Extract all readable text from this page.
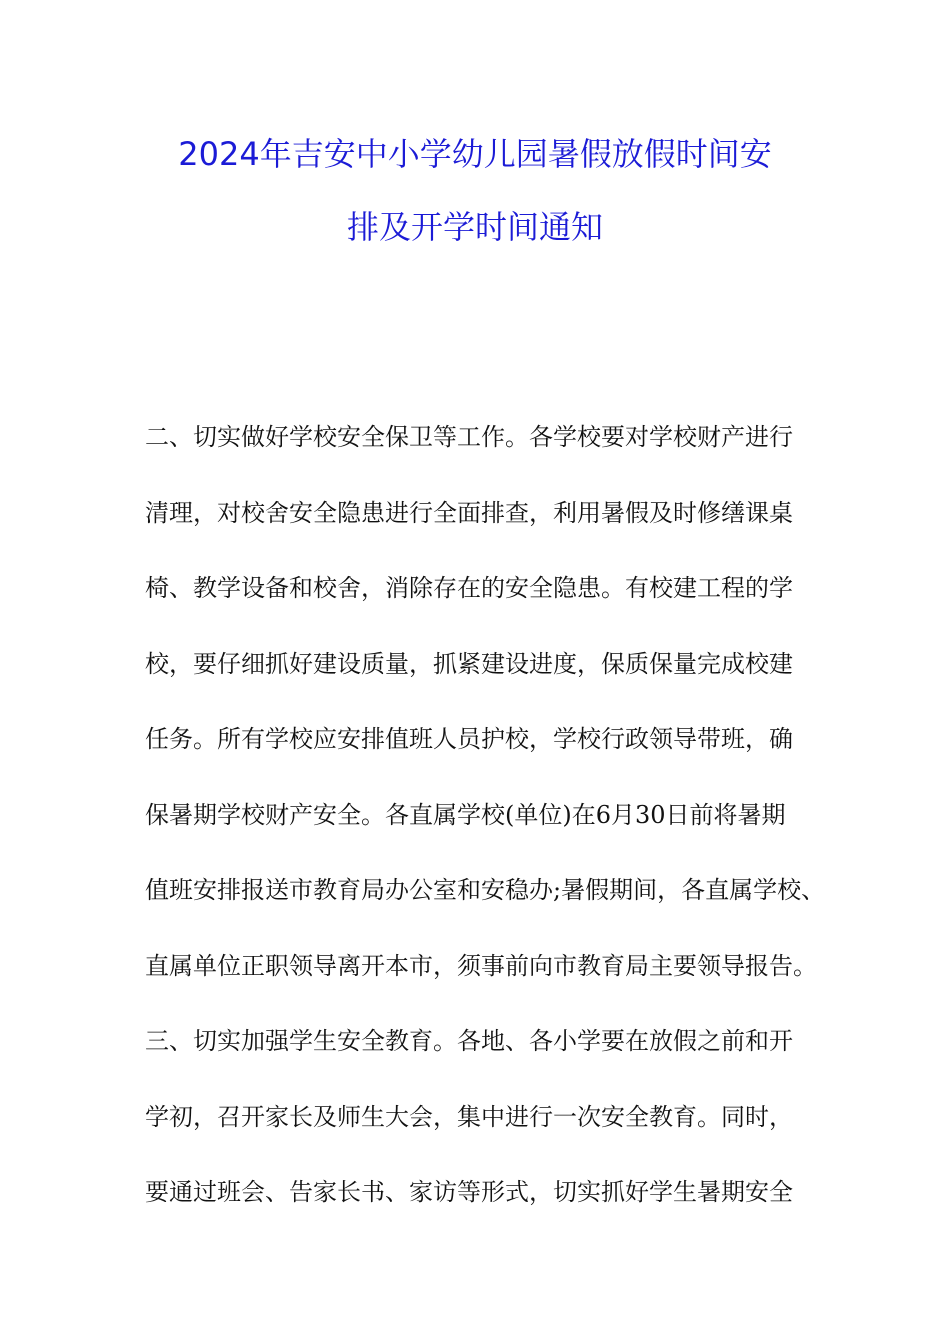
2024年吉安中小学幼儿园暑假放假时间安
排及开学时间通知
二、切实做好学校安全保卫等工作。各学校要对学校财产进行
清理，对校舍安全隐患进行全面排查，利用暑假及时修缮课桌
椅、教学设备和校舍，消除存在的安全隐患。有校建工程的学
校，要仔细抓好建设质量，抓紧建设进度，保质保量完成校建
任务。所有学校应安排值班人员护校，学校行政领导带班，确
保暑期学校财产安全。各直属学校(单位)在6月30日前将暑期
值班安排报送市教育局办公室和安稳办;暑假期间，各直属学校、
直属单位正职领导离开本市，须事前向市教育局主要领导报告。
三、切实加强学生安全教育。各地、各小学要在放假之前和开
学初，召开家长及师生大会，集中进行一次安全教育。同时，
要通过班会、告家长书、家访等形式，切实抓好学生暑期安全
